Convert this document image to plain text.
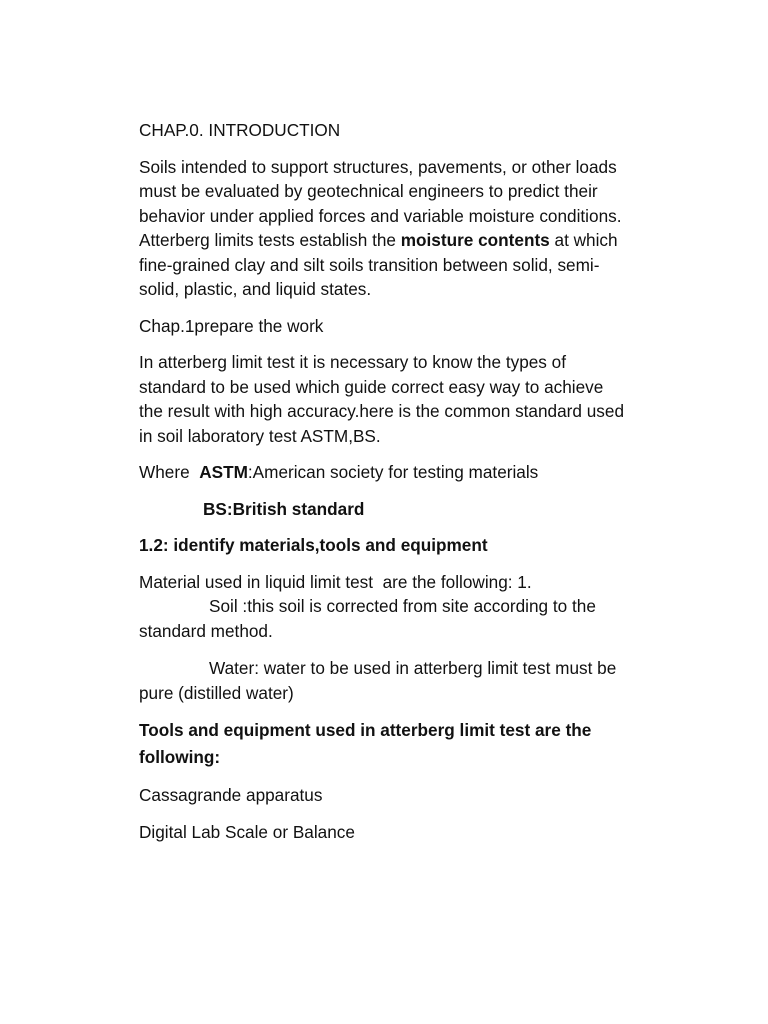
CHAP.0. INTRODUCTION

Soils intended to support structures, pavements, or other loads must be evaluated by geotechnical engineers to predict their behavior under applied forces and variable moisture conditions. Atterberg limits tests establish the moisture contents at which fine-grained clay and silt soils transition between solid, semi-solid, plastic, and liquid states.

Chap.1prepare the work

In atterberg limit test it is necessary to know the types of standard to be used which guide correct easy way to achieve  the result with high accuracy.here is the common standard used in soil laboratory test ASTM,BS.

Where  ASTM:American society for testing materials

BS:British standard

1.2: identify materials,tools and equipment

Material used in liquid limit test  are the following: 1.

Soil :this soil is corrected from site according to the standard method.

Water: water to be used in atterberg limit test must be pure (distilled water)

Tools and equipment used in atterberg limit test are the following:

Cassagrande apparatus

Digital Lab Scale or Balance
